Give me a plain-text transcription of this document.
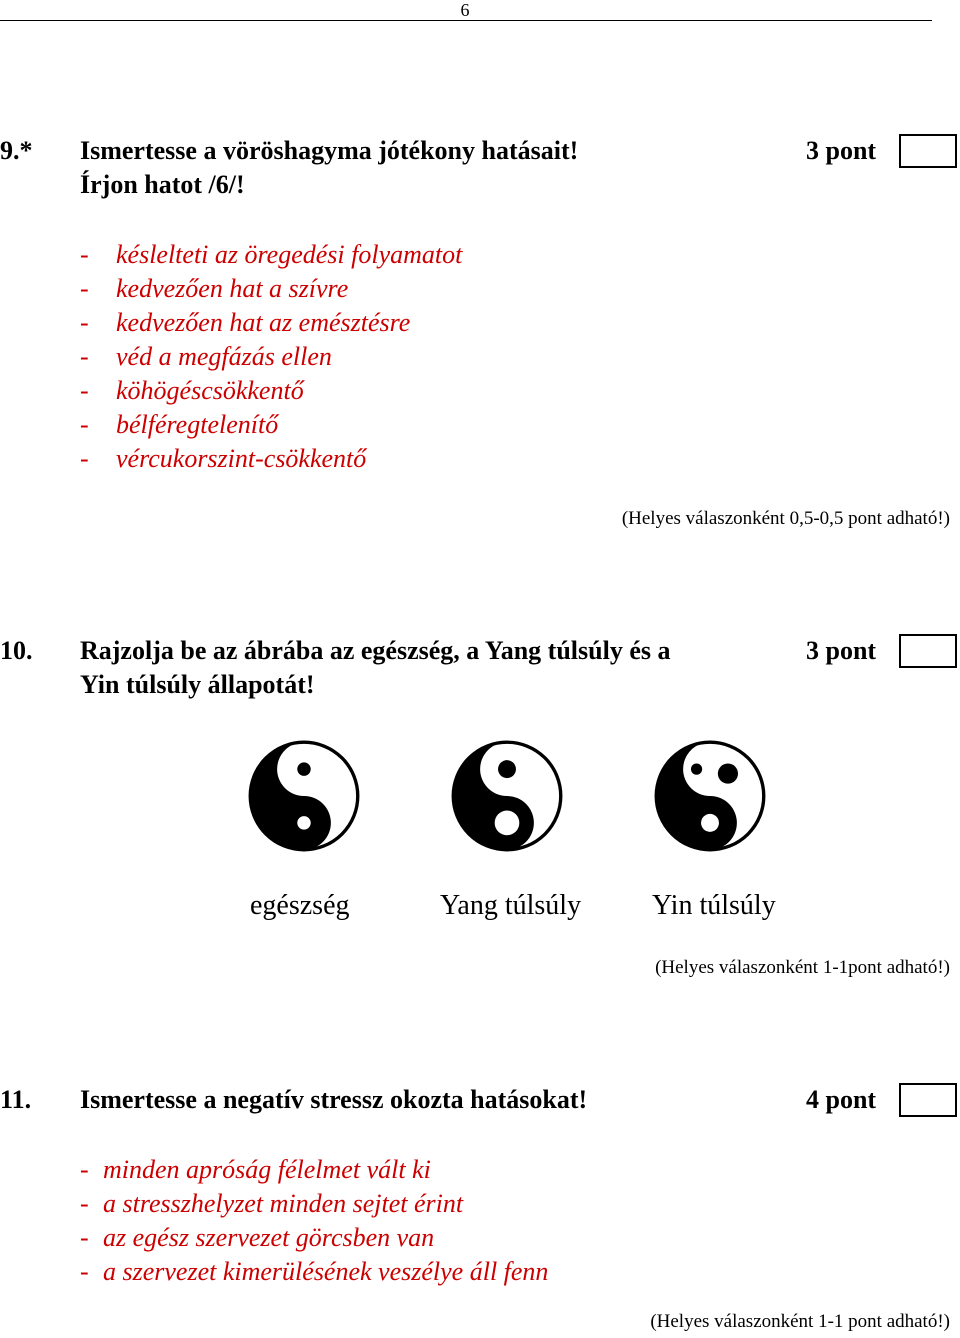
6
9.* Ismertesse a vöröshagyma jótékony hatásait!
Írjon hatot /6/!
3 pont
- késlelteti az öregedési folyamatot
- kedvezően hat a szívre
- kedvezően hat az emésztésre
- véd a megfázás ellen
- köhögéscsökkentő
- bélféregtelenítő
- vércukorszint-csökkentő
(Helyes válaszonként 0,5-0,5 pont adható!)
10. Rajzolja be az ábrába az egészség, a Yang túlsúly és a
Yin túlsúly állapotát!
3 pont
egészség	Yang túlsúly	Yin túlsúly
(Helyes válaszonként 1-1pont adható!)
11. Ismertesse a negatív stressz okozta hatásokat!	4 pont
- minden apróság félelmet vált ki
- a stresszhelyzet minden sejtet érint
- az egész szervezet görcsben van
- a szervezet kimerülésének veszélye áll fenn
(Helyes válaszonként 1-1 pont adható!)
